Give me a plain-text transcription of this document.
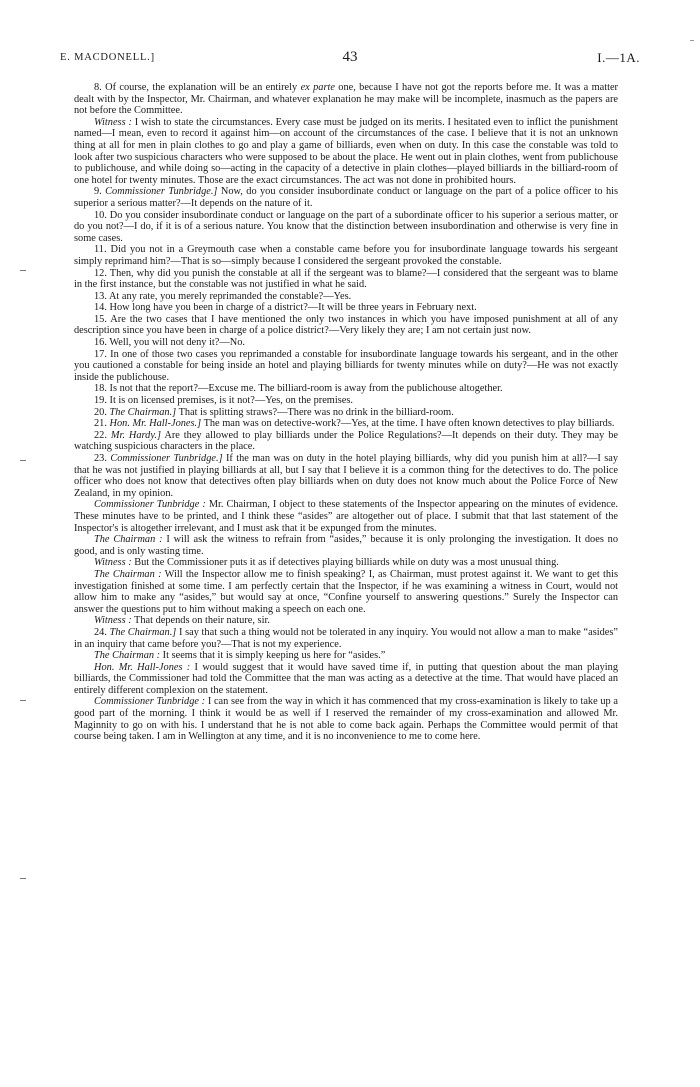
E. MACDONELL.]	43	I.—1A.

8. Of course, the explanation will be an entirely ex parte one, because I have not got the reports before me. It was a matter dealt with by the Inspector, Mr. Chairman, and whatever explanation he may make will be incomplete, inasmuch as the papers are not before the Committee.

Witness : I wish to state the circumstances. Every case must be judged on its merits. I hesitated even to inflict the punishment named—I mean, even to record it against him—on account of the circumstances of the case. I believe that it is not an unknown thing at all for men in plain clothes to go and play a game of billiards, even when on duty. In this case the constable was told to look after two suspicious characters who were supposed to be about the place. He went out in plain clothes, went from publichouse to publichouse, and while doing so—acting in the capacity of a detective in plain clothes—played billiards in the billiard-room of one hotel for twenty minutes. Those are the exact circumstances. The act was not done in prohibited hours.

9. Commissioner Tunbridge.] Now, do you consider insubordinate conduct or language on the part of a police officer to his superior a serious matter?—It depends on the nature of it.

10. Do you consider insubordinate conduct or language on the part of a subordinate officer to his superior a serious matter, or do you not?—I do, if it is of a serious nature. You know that the distinction between insubordination and otherwise is very fine in some cases.

11. Did you not in a Greymouth case when a constable came before you for insubordinate language towards his sergeant simply reprimand him?—That is so—simply because I considered the sergeant provoked the constable.

12. Then, why did you punish the constable at all if the sergeant was to blame?—I considered that the sergeant was to blame in the first instance, but the constable was not justified in what he said.

13. At any rate, you merely reprimanded the constable?—Yes.

14. How long have you been in charge of a district?—It will be three years in February next.

15. Are the two cases that I have mentioned the only two instances in which you have imposed punishment at all of any description since you have been in charge of a police district?—Very likely they are; I am not certain just now.

16. Well, you will not deny it?—No.

17. In one of those two cases you reprimanded a constable for insubordinate language towards his sergeant, and in the other you cautioned a constable for being inside an hotel and playing billiards for twenty minutes while on duty?—He was not exactly inside the publichouse.

18. Is not that the report?—Excuse me. The billiard-room is away from the publichouse altogether.

19. It is on licensed premises, is it not?—Yes, on the premises.

20. The Chairman.] That is splitting straws?—There was no drink in the billiard-room.

21. Hon. Mr. Hall-Jones.] The man was on detective-work?—Yes, at the time. I have often known detectives to play billiards.

22. Mr. Hardy.] Are they allowed to play billiards under the Police Regulations?—It depends on their duty. They may be watching suspicious characters in the place.

23. Commissioner Tunbridge.] If the man was on duty in the hotel playing billiards, why did you punish him at all?—I say that he was not justified in playing billiards at all, but I say that I believe it is a common thing for the detectives to do. The police officer who does not know that detectives often play billiards when on duty does not know much about the Police Force of New Zealand, in my opinion.

Commissioner Tunbridge : Mr. Chairman, I object to these statements of the Inspector appearing on the minutes of evidence. These minutes have to be printed, and I think these “asides” are altogether out of place. I submit that that last statement of the Inspector's is altogether irrelevant, and I must ask that it be expunged from the minutes.

The Chairman : I will ask the witness to refrain from “asides,” because it is only prolonging the investigation. It does no good, and is only wasting time.

Witness : But the Commissioner puts it as if detectives playing billiards while on duty was a most unusual thing.

The Chairman : Will the Inspector allow me to finish speaking? I, as Chairman, must protest against it. We want to get this investigation finished at some time. I am perfectly certain that the Inspector, if he was examining a witness in Court, would not allow him to make any “asides,” but would say at once, “Confine yourself to answering questions.” Surely the Inspector can answer the questions put to him without making a speech on each one.

Witness : That depends on their nature, sir.

24. The Chairman.] I say that such a thing would not be tolerated in any inquiry. You would not allow a man to make “asides” in an inquiry that came before you?—That is not my experience.

The Chairman : It seems that it is simply keeping us here for “asides.”

Hon. Mr. Hall-Jones : I would suggest that it would have saved time if, in putting that question about the man playing billiards, the Commissioner had told the Committee that the man was acting as a detective at the time. That would have placed an entirely different complexion on the statement.

Commissioner Tunbridge : I can see from the way in which it has commenced that my cross-examination is likely to take up a good part of the morning. I think it would be as well if I reserved the remainder of my cross-examination and allowed Mr. Maginnity to go on with his. I understand that he is not able to come back again. Perhaps the Committee would permit of that course being taken. I am in Wellington at any time, and it is no inconvenience to me to come here.
